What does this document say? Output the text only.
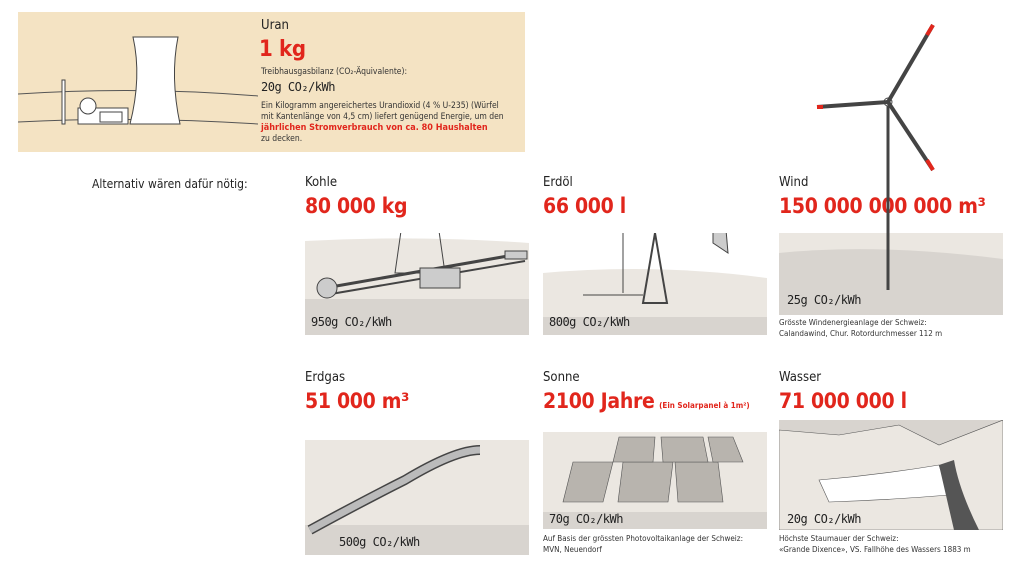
Uran
1 kg
Treibhausgasbilanz (CO₂-Äquivalente):
20g CO₂/kWh
Ein Kilogramm angereichertes Urandioxid (4 % U-235) (Würfel
mit Kantenlänge von 4,5 cm) liefert genügend Energie, um den
jährlichen Stromverbrauch von ca. 80 Haushalten
zu decken.
Alternativ wären dafür nötig:	Kohle
80 000 kg
950g CO₂/kWh
Erdöl
66 000 l
800g CO₂/kWh
Wind
150 000 000 000 m³
25g CO₂/kWh
Grösste Windenergieanlage der Schweiz:
Calandawind, Chur. Rotordurchmesser 112 m
Erdgas
51 000 m³
500g CO₂/kWh
Sonne
2100 Jahre (Ein Solarpanel à 1m²)
70g CO₂/kWh
Auf Basis der grössten Photovoltaikanlage der Schweiz:
MVN, Neuendorf
Wasser
71 000 000 l
20g CO₂/kWh
Höchste Staumauer der Schweiz:
«Grande Dixence», VS. Fallhöhe des Wassers 1883 m
